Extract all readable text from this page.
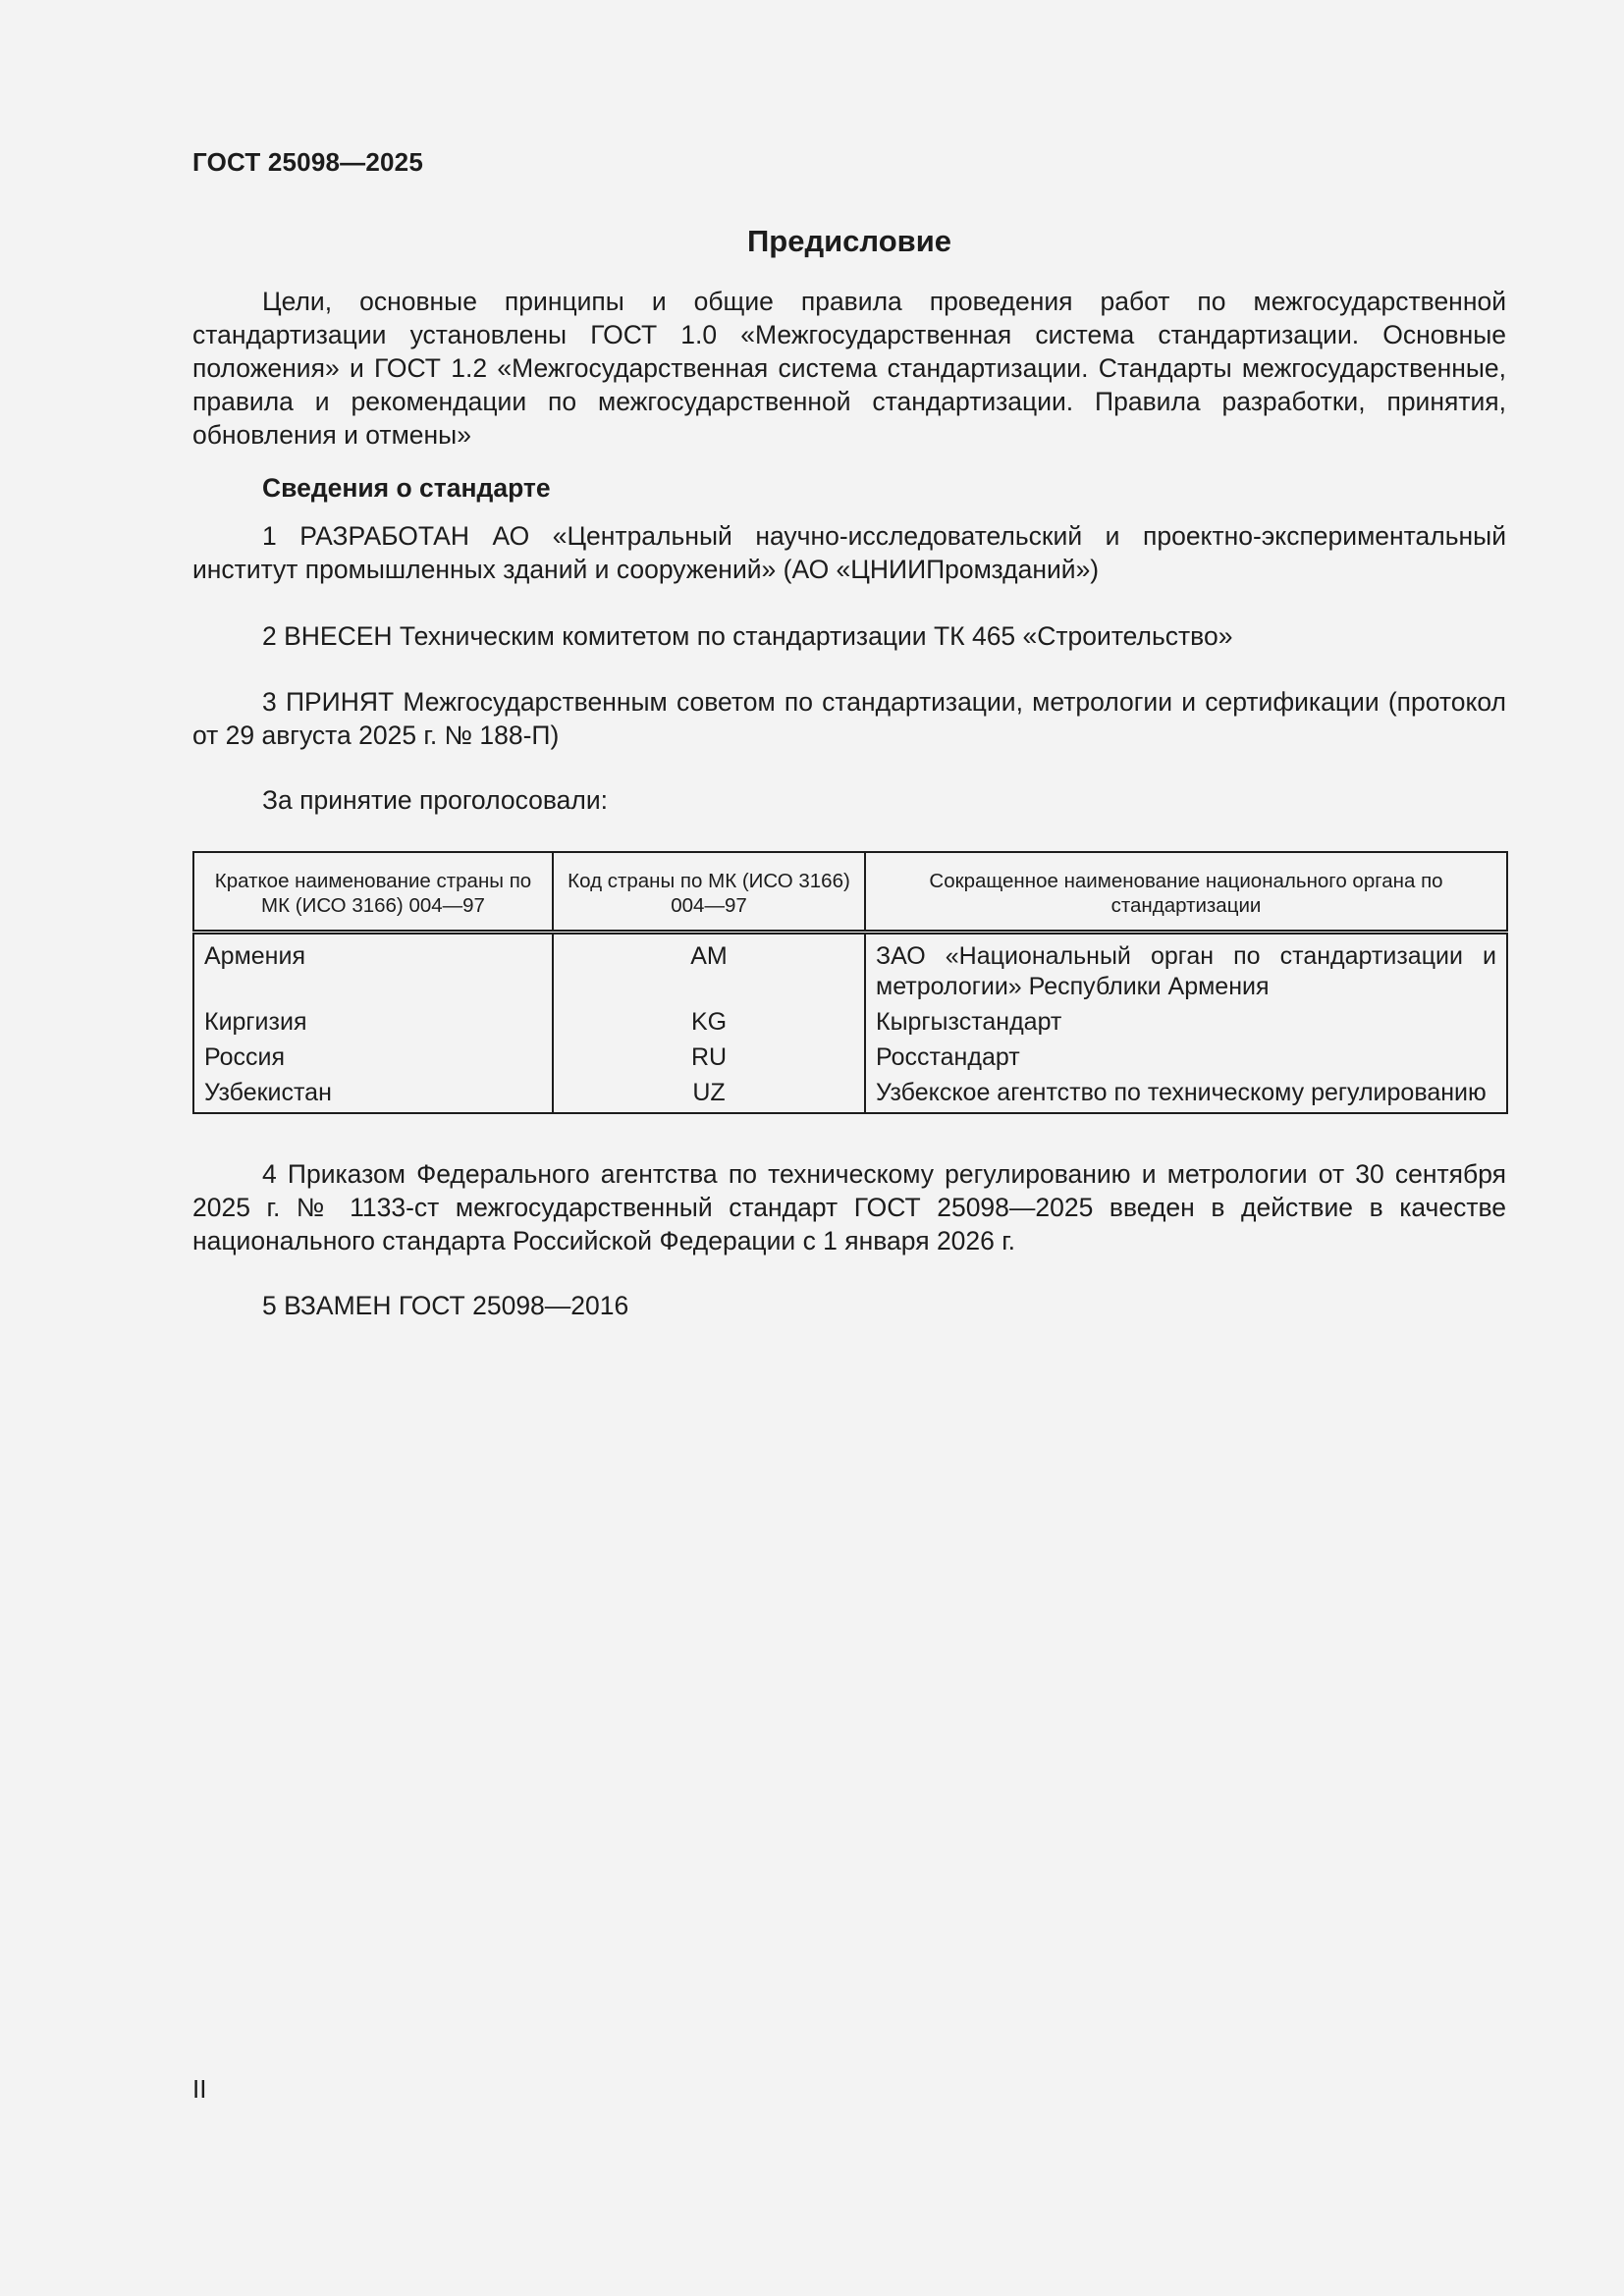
ГОСТ 25098—2025
Предисловие

Цели, основные принципы и общие правила проведения работ по межгосударственной стандартизации установлены ГОСТ 1.0 «Межгосударственная система стандартизации. Основные положения» и ГОСТ 1.2 «Межгосударственная система стандартизации. Стандарты межгосударственные, правила и рекомендации по межгосударственной стандартизации. Правила разработки, принятия, обновления и отмены»

Сведения о стандарте

1 РАЗРАБОТАН АО «Центральный научно-исследовательский и проектно-экспериментальный институт промышленных зданий и сооружений» (АО «ЦНИИПромзданий»)

2 ВНЕСЕН Техническим комитетом по стандартизации ТК 465 «Строительство»

3 ПРИНЯТ Межгосударственным советом по стандартизации, метрологии и сертификации (протокол от 29 августа 2025 г. № 188-П)

За принятие проголосовали:
Краткое наименование страны по МК (ИСО 3166) 004—97	Код страны по МК (ИСО 3166) 004—97	Сокращенное наименование национального органа по стандартизации
Армения	AM	ЗАО «Национальный орган по стандартизации и метрологии» Республики Армения
Киргизия	KG	Кыргызстандарт
Россия	RU	Росстандарт
Узбекистан	UZ	Узбекское агентство по техническому регулированию

4 Приказом Федерального агентства по техническому регулированию и метрологии от 30 сентября 2025 г. № 1133-ст межгосударственный стандарт ГОСТ 25098—2025 введен в действие в качестве национального стандарта Российской Федерации с 1 января 2026 г.

5 ВЗАМЕН ГОСТ 25098—2016

II
